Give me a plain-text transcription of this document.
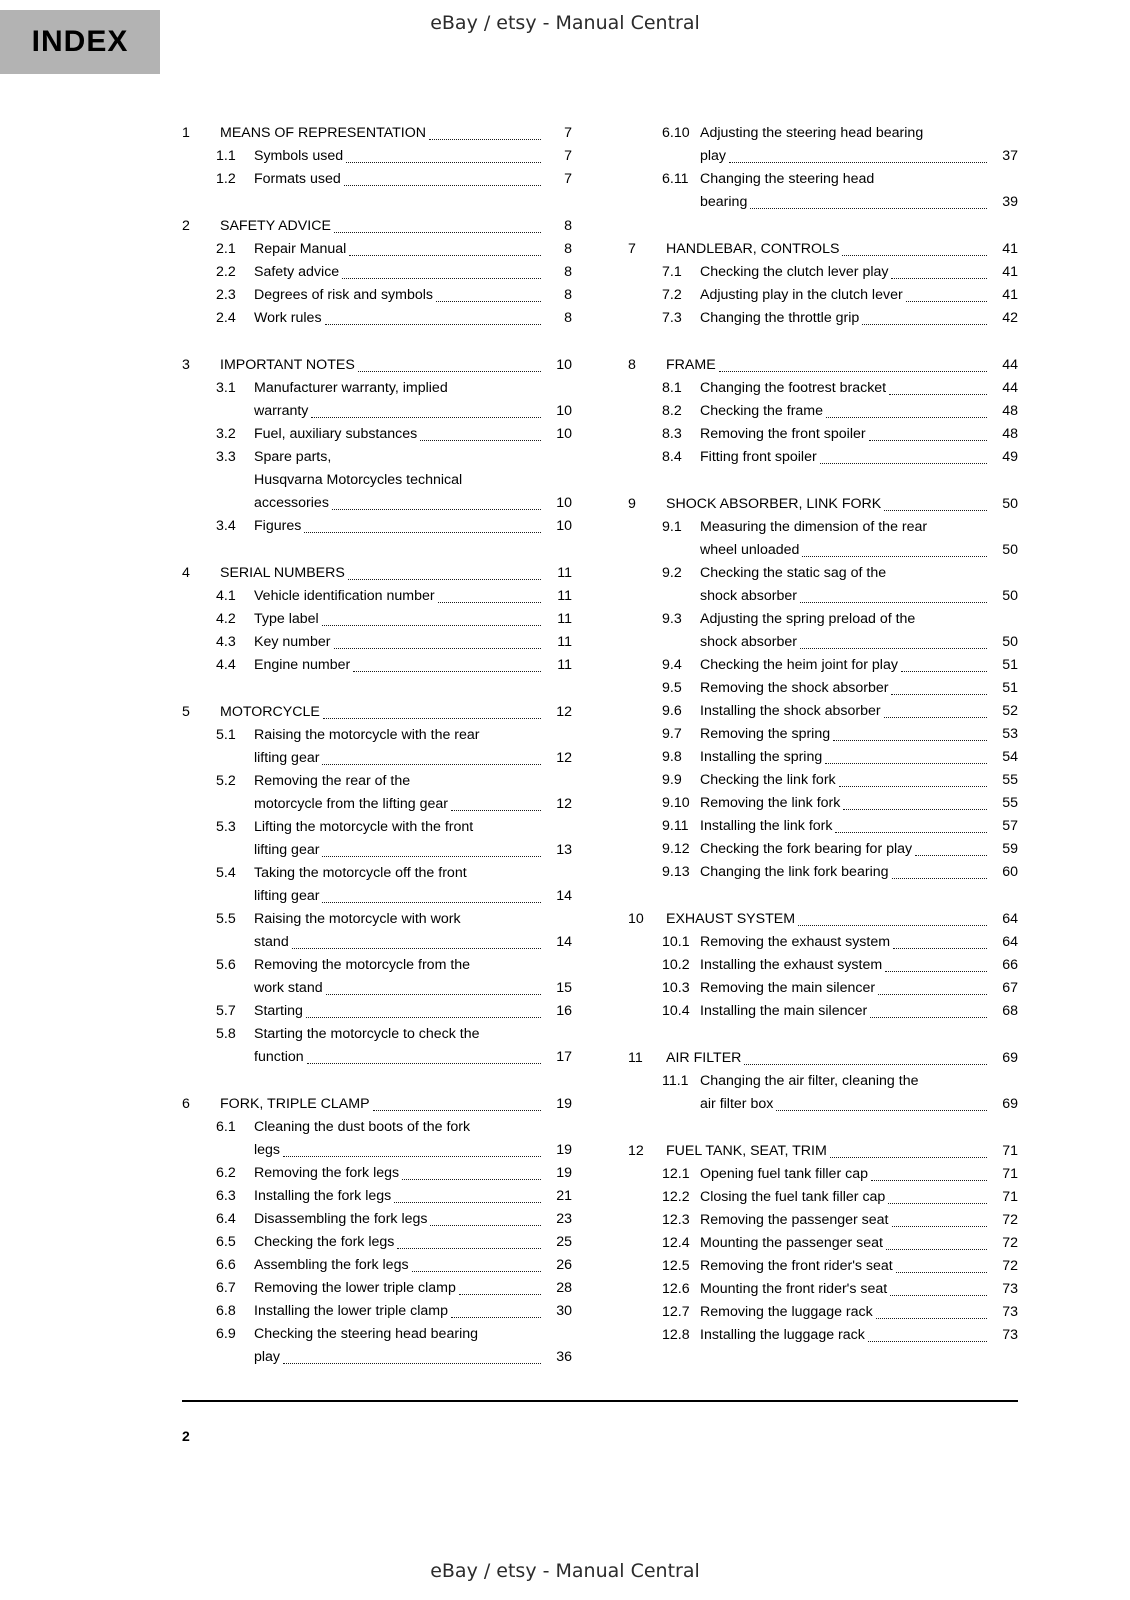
INDEX
eBay / etsy - Manual Central
1	MEANS OF REPRESENTATION	7
1.1	Symbols used	7
1.2	Formats used	7
2	SAFETY ADVICE	8
2.1	Repair Manual	8
2.2	Safety advice	8
2.3	Degrees of risk and symbols	8
2.4	Work rules	8
3	IMPORTANT NOTES	10
3.1	Manufacturer warranty, implied
warranty	10
3.2	Fuel, auxiliary substances	10
3.3	Spare parts,
Husqvarna Motorcycles technical
accessories	10
3.4	Figures	10
4	SERIAL NUMBERS	11
4.1	Vehicle identification number	11
4.2	Type label	11
4.3	Key number	11
4.4	Engine number	11
5	MOTORCYCLE	12
5.1	Raising the motorcycle with the rear
lifting gear	12
5.2	Removing the rear of the
motorcycle from the lifting gear	12
5.3	Lifting the motorcycle with the front
lifting gear	13
5.4	Taking the motorcycle off the front
lifting gear	14
5.5	Raising the motorcycle with work
stand	14
5.6	Removing the motorcycle from the
work stand	15
5.7	Starting	16
5.8	Starting the motorcycle to check the
function	17
6	FORK, TRIPLE CLAMP	19
6.1	Cleaning the dust boots of the fork
legs	19
6.2	Removing the fork legs	19
6.3	Installing the fork legs	21
6.4	Disassembling the fork legs	23
6.5	Checking the fork legs	25
6.6	Assembling the fork legs	26
6.7	Removing the lower triple clamp	28
6.8	Installing the lower triple clamp	30
6.9	Checking the steering head bearing
play	36
6.10 Adjusting the steering head bearing
play	37
6.11 Changing the steering head
bearing	39
7	HANDLEBAR, CONTROLS	41
7.1	Checking the clutch lever play	41
7.2	Adjusting play in the clutch lever	41
7.3	Changing the throttle grip	42
8	FRAME	44
8.1	Changing the footrest bracket	44
8.2	Checking the frame	48
8.3	Removing the front spoiler	48
8.4	Fitting front spoiler	49
9	SHOCK ABSORBER, LINK FORK	50
9.1	Measuring the dimension of the rear
wheel unloaded	50
9.2	Checking the static sag of the
shock absorber	50
9.3	Adjusting the spring preload of the
shock absorber	50
9.4	Checking the heim joint for play	51
9.5	Removing the shock absorber	51
9.6	Installing the shock absorber	52
9.7	Removing the spring	53
9.8	Installing the spring	54
9.9	Checking the link fork	55
9.10 Removing the link fork	55
9.11 Installing the link fork	57
9.12 Checking the fork bearing for play	59
9.13 Changing the link fork bearing	60
10	EXHAUST SYSTEM	64
10.1 Removing the exhaust system	64
10.2 Installing the exhaust system	66
10.3 Removing the main silencer	67
10.4 Installing the main silencer	68
11	AIR FILTER	69
11.1 Changing the air filter, cleaning the
air filter box	69
12	FUEL TANK, SEAT, TRIM	71
12.1 Opening fuel tank filler cap	71
12.2 Closing the fuel tank filler cap	71
12.3 Removing the passenger seat	72
12.4 Mounting the passenger seat	72
12.5 Removing the front rider's seat	72
12.6 Mounting the front rider's seat	73
12.7 Removing the luggage rack	73
12.8 Installing the luggage rack	73
2
eBay / etsy - Manual Central
